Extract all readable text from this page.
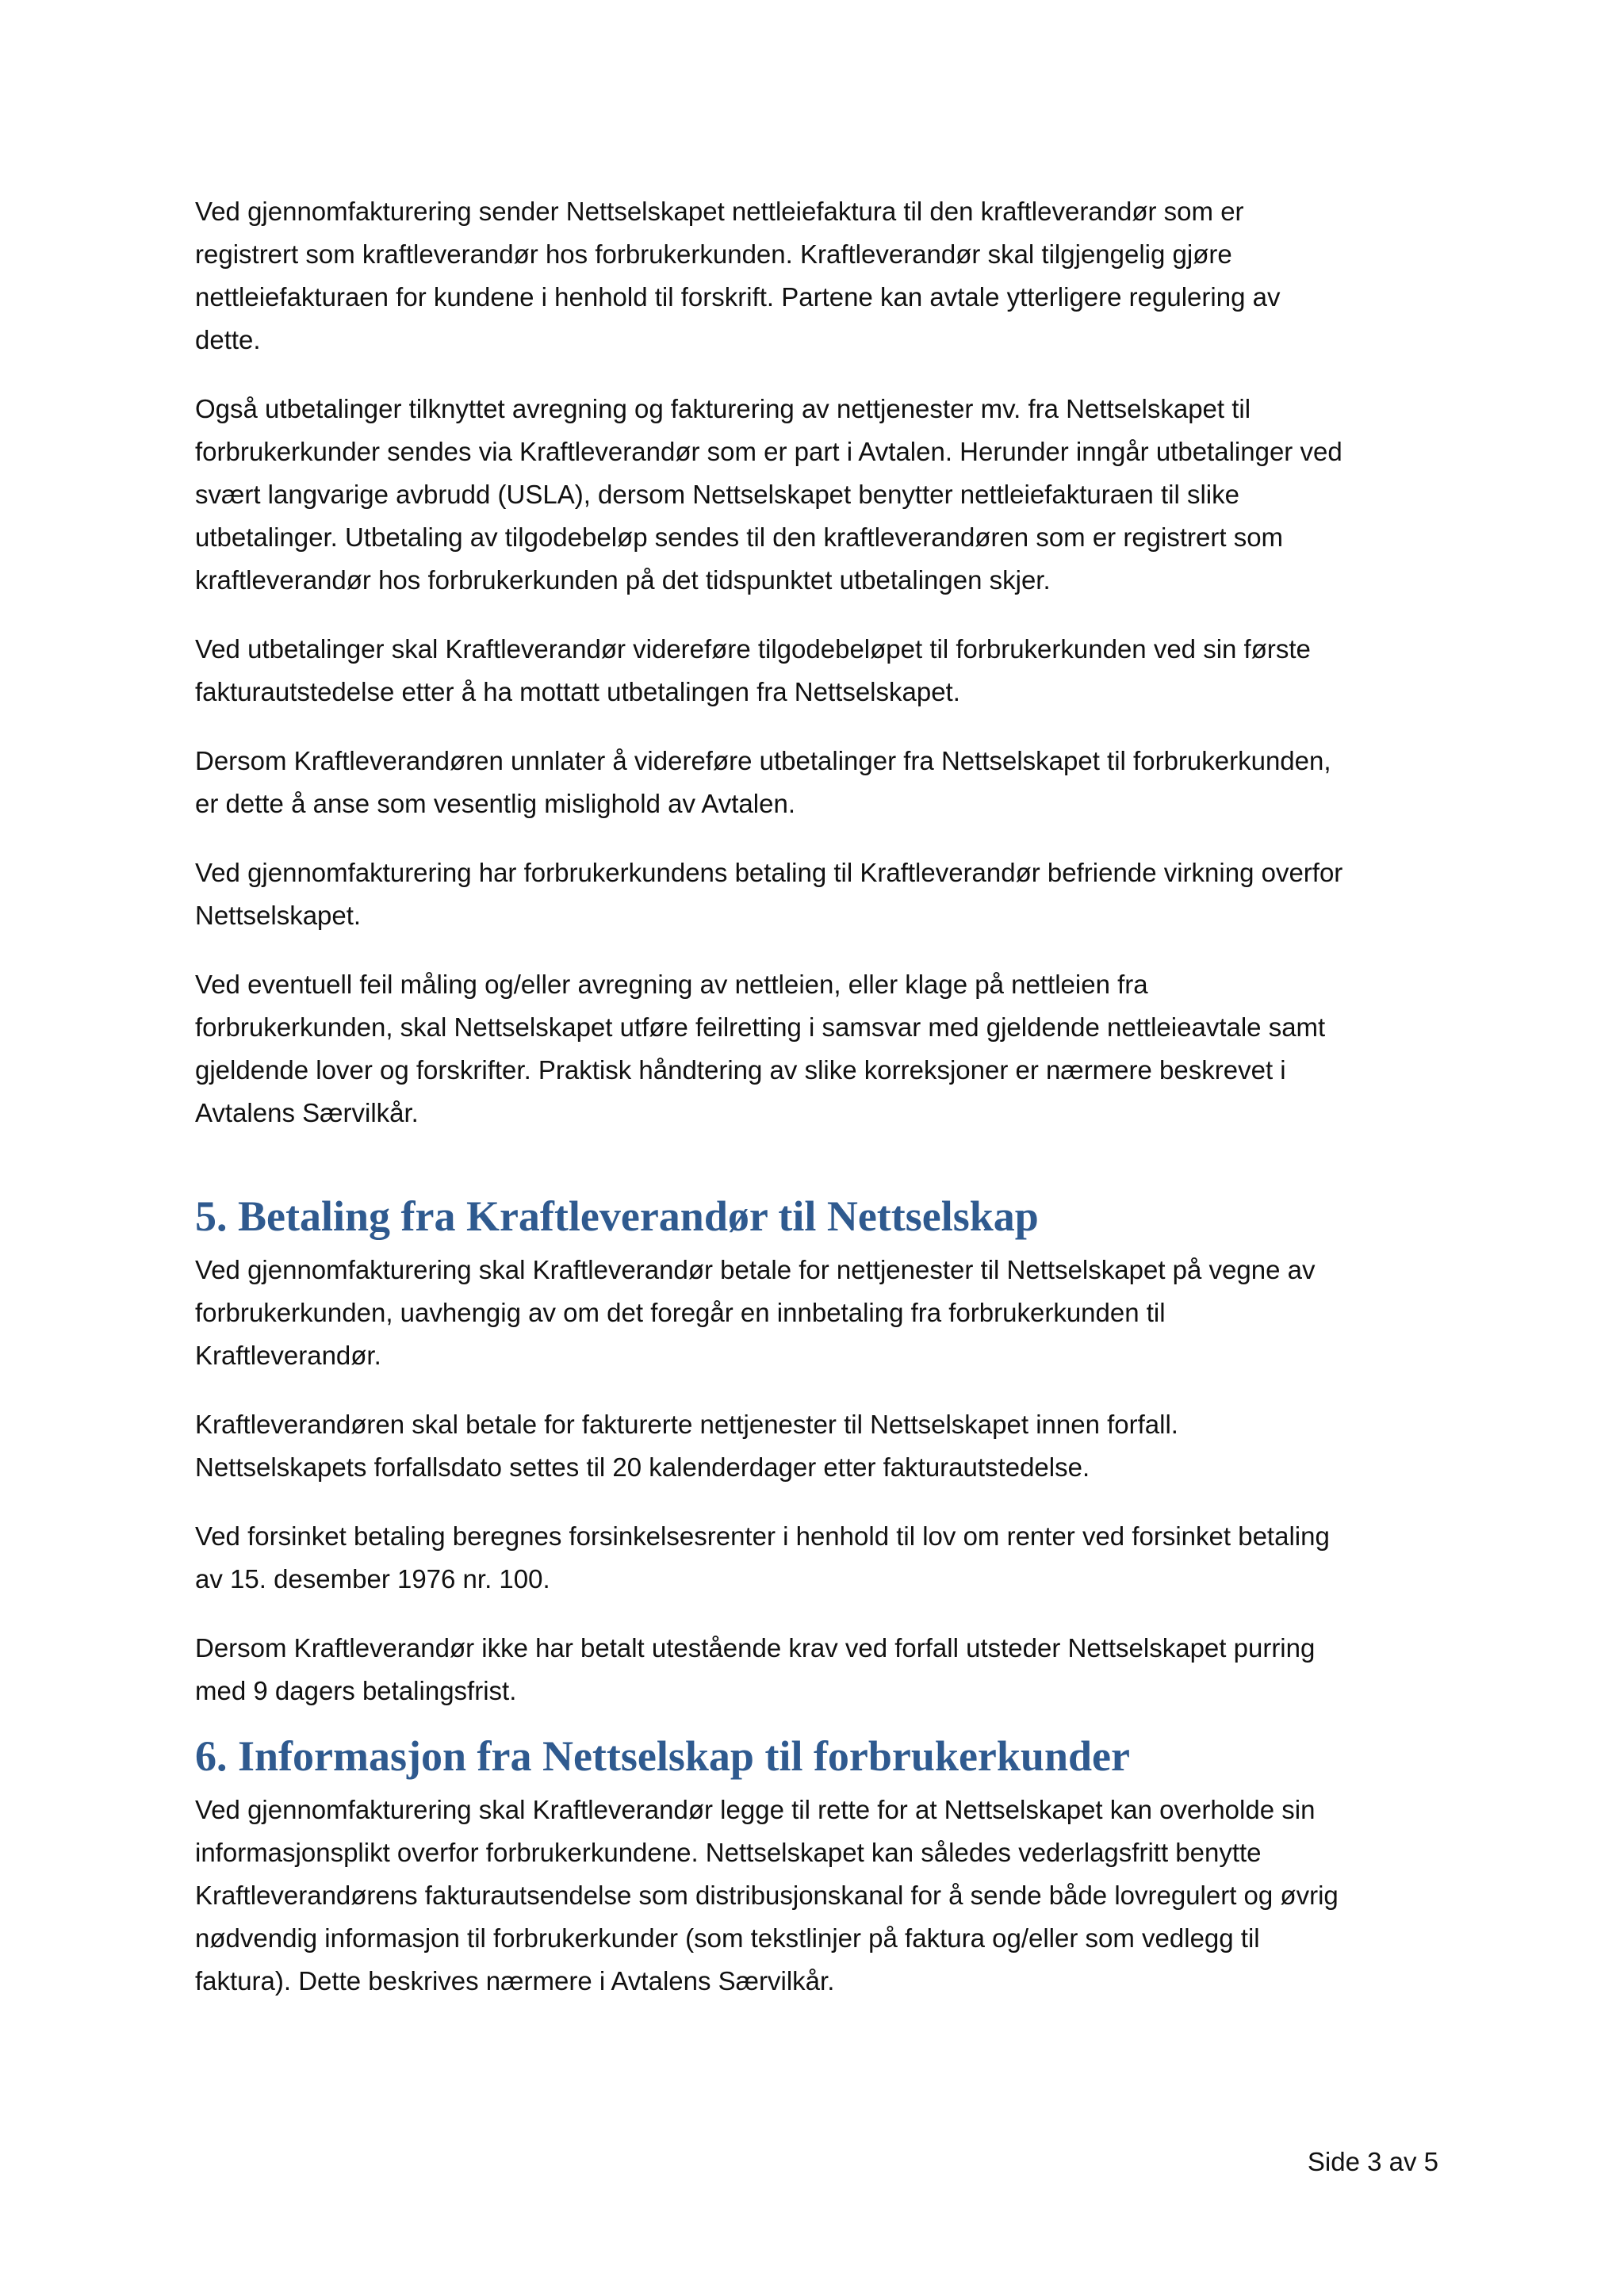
Ved gjennomfakturering sender Nettselskapet nettleiefaktura til den kraftleverandør som er
registrert som kraftleverandør hos forbrukerkunden. Kraftleverandør skal tilgjengelig gjøre
nettleiefakturaen for kundene i henhold til forskrift. Partene kan avtale ytterligere regulering av
dette.

Også utbetalinger tilknyttet avregning og fakturering av nettjenester mv. fra Nettselskapet til
forbrukerkunder sendes via Kraftleverandør som er part i Avtalen. Herunder inngår utbetalinger ved
svært langvarige avbrudd (USLA), dersom Nettselskapet benytter nettleiefakturaen til slike
utbetalinger. Utbetaling av tilgodebeløp sendes til den kraftleverandøren som er registrert som
kraftleverandør hos forbrukerkunden på det tidspunktet utbetalingen skjer.

Ved utbetalinger skal Kraftleverandør videreføre tilgodebeløpet til forbrukerkunden ved sin første
fakturautstedelse etter å ha mottatt utbetalingen fra Nettselskapet.

Dersom Kraftleverandøren unnlater å videreføre utbetalinger fra Nettselskapet til forbrukerkunden,
er dette å anse som vesentlig mislighold av Avtalen.

Ved gjennomfakturering har forbrukerkundens betaling til Kraftleverandør befriende virkning overfor
Nettselskapet.

Ved eventuell feil måling og/eller avregning av nettleien, eller klage på nettleien fra
forbrukerkunden, skal Nettselskapet utføre feilretting i samsvar med gjeldende nettleieavtale samt
gjeldende lover og forskrifter. Praktisk håndtering av slike korreksjoner er nærmere beskrevet i
Avtalens Særvilkår.

5. Betaling fra Kraftleverandør til Nettselskap

Ved gjennomfakturering skal Kraftleverandør betale for nettjenester til Nettselskapet på vegne av
forbrukerkunden, uavhengig av om det foregår en innbetaling fra forbrukerkunden til
Kraftleverandør.

Kraftleverandøren skal betale for fakturerte nettjenester til Nettselskapet innen forfall.
Nettselskapets forfallsdato settes til 20 kalenderdager etter fakturautstedelse.

Ved forsinket betaling beregnes forsinkelsesrenter i henhold til lov om renter ved forsinket betaling
av 15. desember 1976 nr. 100.

Dersom Kraftleverandør ikke har betalt utestående krav ved forfall utsteder Nettselskapet purring
med 9 dagers betalingsfrist.

6. Informasjon fra Nettselskap til forbrukerkunder

Ved gjennomfakturering skal Kraftleverandør legge til rette for at Nettselskapet kan overholde sin
informasjonsplikt overfor forbrukerkundene. Nettselskapet kan således vederlagsfritt benytte
Kraftleverandørens fakturautsendelse som distribusjonskanal for å sende både lovregulert og øvrig
nødvendig informasjon til forbrukerkunder (som tekstlinjer på faktura og/eller som vedlegg til
faktura). Dette beskrives nærmere i Avtalens Særvilkår.

Side 3 av 5
